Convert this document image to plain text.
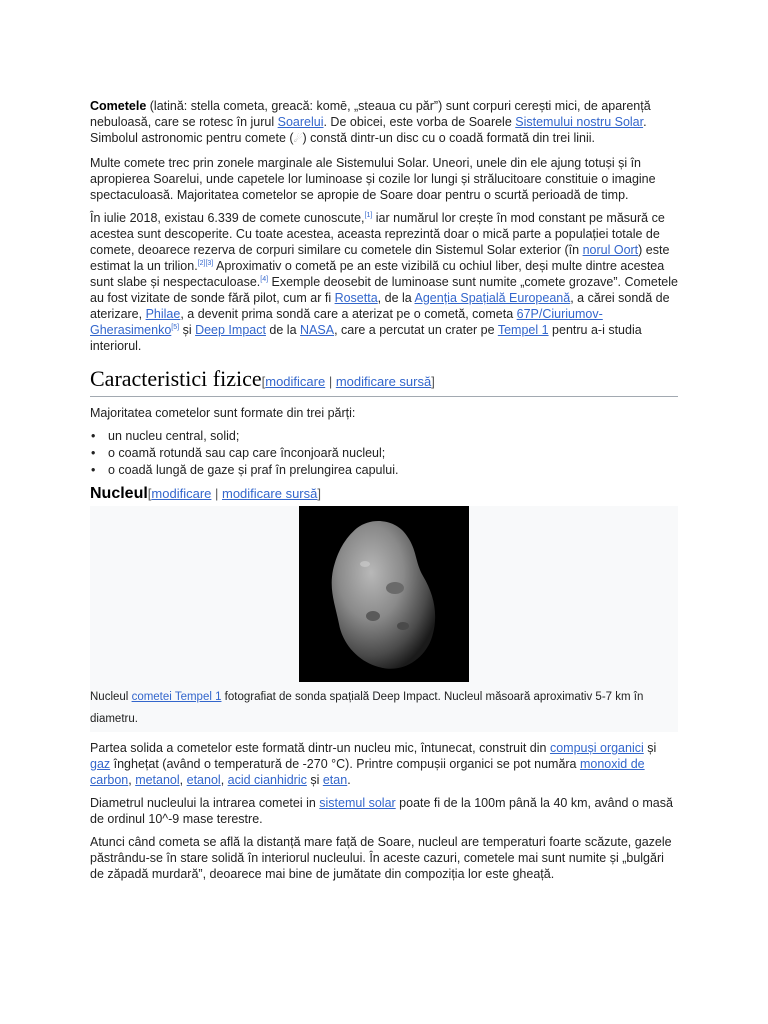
Cometele (latină: stella cometa, greacă: komē, „steaua cu păr”) sunt corpuri cerești mici, de aparență nebuloasă, care se rotesc în jurul Soarelui. De obicei, este vorba de Soarele Sistemului nostru Solar. Simbolul astronomic pentru comete (☄) constă dintr-un disc cu o coadă formată din trei linii.

Multe comete trec prin zonele marginale ale Sistemului Solar. Uneori, unele din ele ajung totuși și în apropierea Soarelui, unde capetele lor luminoase și cozile lor lungi și strălucitoare constituie o imagine spectaculoasă. Majoritatea cometelor se apropie de Soare doar pentru o scurtă perioadă de timp.

În iulie 2018, existau 6.339 de comete cunoscute,[1] iar numărul lor crește în mod constant pe măsură ce acestea sunt descoperite. Cu toate acestea, aceasta reprezintă doar o mică parte a populației totale de comete, deoarece rezerva de corpuri similare cu cometele din Sistemul Solar exterior (în norul Oort) este estimat la un trilion.[2][3] Aproximativ o cometă pe an este vizibilă cu ochiul liber, deși multe dintre acestea sunt slabe și nespectaculoase.[4] Exemple deosebit de luminoase sunt numite „comete grozave”. Cometele au fost vizitate de sonde fără pilot, cum ar fi Rosetta, de la Agenția Spațială Europeană, a cărei sondă de aterizare, Philae, a devenit prima sondă care a aterizat pe o cometă, cometa 67P/Ciuriumov-Gherasimenko[5] și Deep Impact de la NASA, care a percutat un crater pe Tempel 1 pentru a-i studia interiorul.

Caracteristici fizice[modificare | modificare sursă]

Majoritatea cometelor sunt formate din trei părți:

• un nucleu central, solid;
• o coamă rotundă sau cap care înconjoară nucleul;
• o coadă lungă de gaze și praf în prelungirea capului.
Nucleul[modificare | modificare sursă]
Nucleul cometei Tempel 1 fotografiat de sonda spațială Deep Impact. Nucleul măsoară aproximativ 5-7 km în diametru.

Partea solida a cometelor este formată dintr-un nucleu mic, întunecat, construit din compuși organici și gaz înghețat (având o temperatură de -270 °C). Printre compușii organici se pot număra monoxid de carbon, metanol, etanol, acid cianhidric și etan.

Diametrul nucleului la intrarea cometei in sistemul solar poate fi de la 100m până la 40 km, având o masă de ordinul 10^-9 mase terestre.

Atunci când cometa se află la distanță mare față de Soare, nucleul are temperaturi foarte scăzute, gazele păstrându-se în stare solidă în interiorul nucleului. În aceste cazuri, cometele mai sunt numite și „bulgări de zăpadă murdară”, deoarece mai bine de jumătate din compoziția lor este gheață.
